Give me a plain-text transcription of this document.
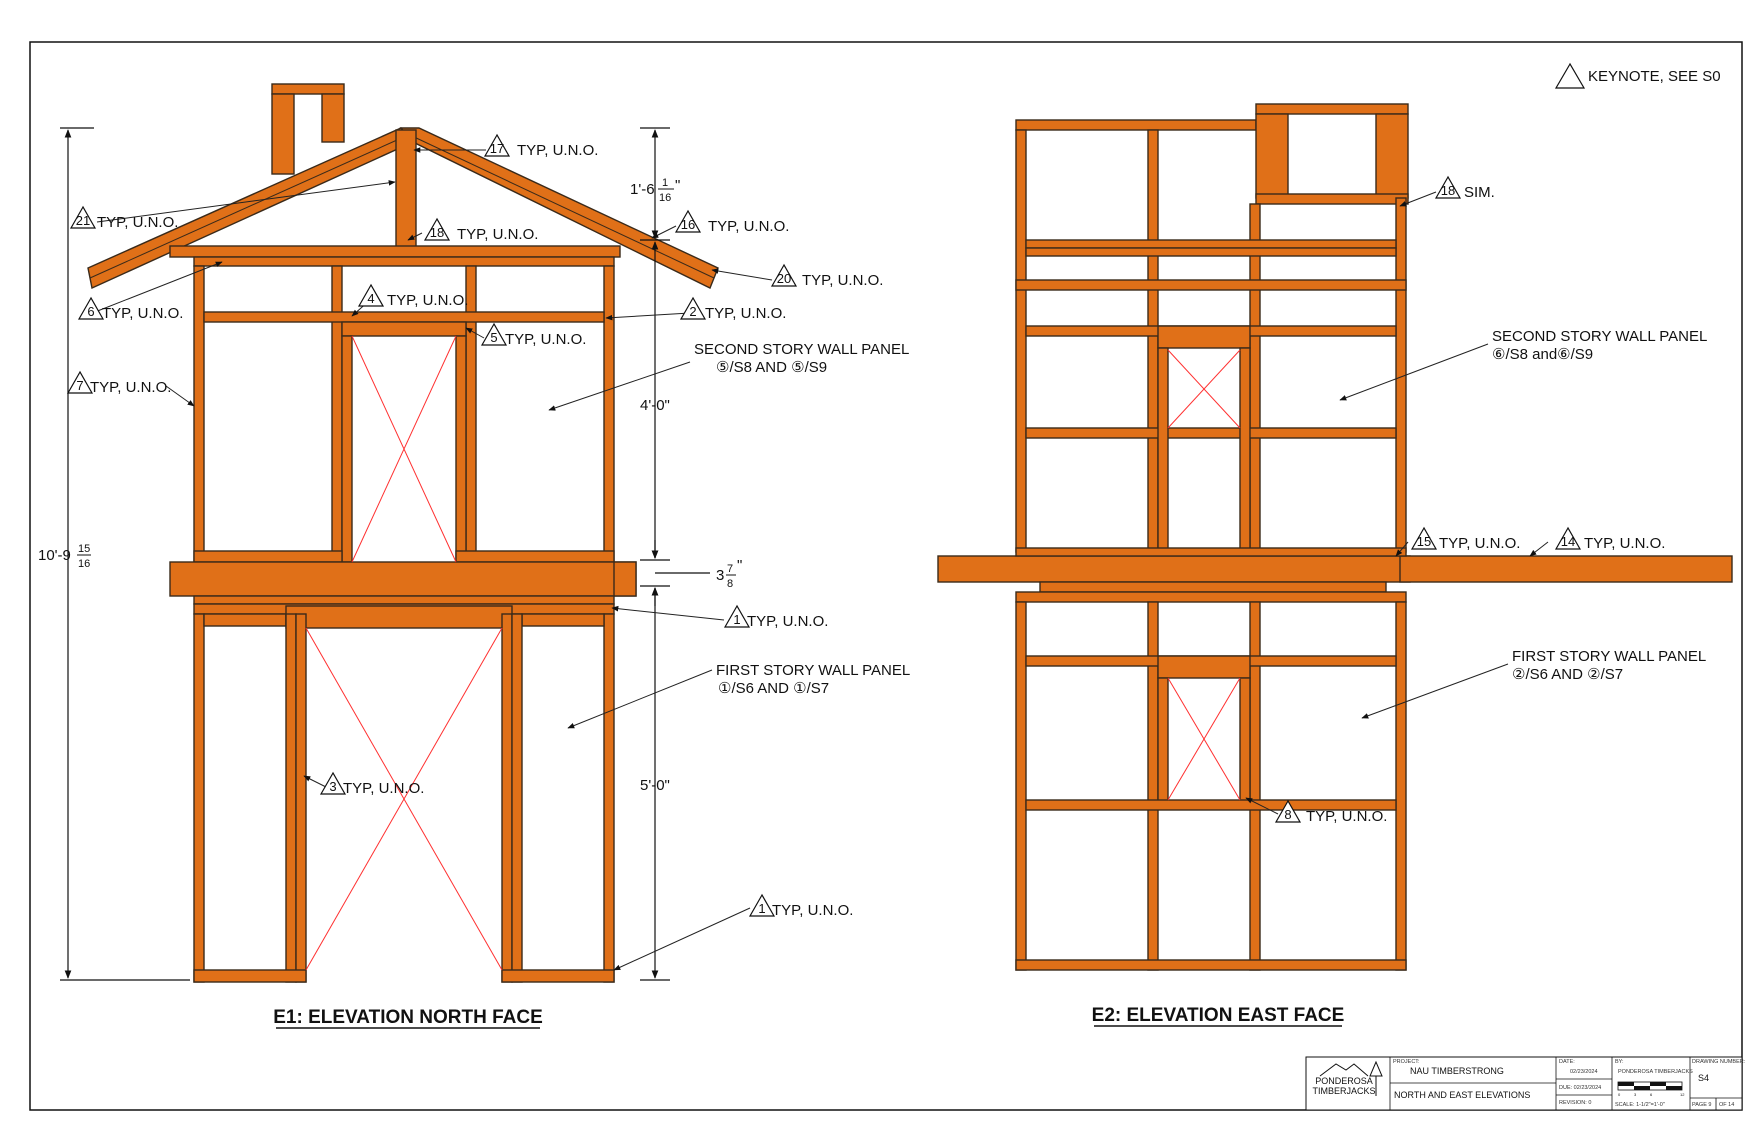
KEYNOTE, SEE S0
10'-9 15
16
1'-6 1
16
"
4'-0"
3 7
8
"
5'-0"
17 TYP, U.N.O.
21 TYP, U.N.O.
18 TYP, U.N.O.
16 TYP, U.N.O.
20 TYP, U.N.O.
6 TYP, U.N.O.
4 TYP, U.N.O.
2 TYP, U.N.O.
5 TYP, U.N.O.
7 TYP, U.N.O.
1 TYP, U.N.O.
3 TYP, U.N.O.
1 TYP, U.N.O.
SECOND STORY WALL PANEL
⑤/S8 AND ⑤/S9
FIRST STORY WALL PANEL
①/S6 AND ①/S7
E1: ELEVATION NORTH FACE
18 SIM.
15 TYP, U.N.O.	14 TYP, U.N.O.
8 TYP, U.N.O.
SECOND STORY WALL PANEL
⑥/S8 and⑥/S9
FIRST STORY WALL PANEL
②/S6 AND ②/S7
E2: ELEVATION EAST FACE
PONDEROSA
TIMBERJACKS
PROJECT:
NAU TIMBERSTRONG
NORTH AND EAST ELEVATIONS
DATE:
02/23/2024
DUE: 02/23/2024
REVISION: 0
BY:
PONDEROSA TIMBERJACKS
0	3	6	12
SCALE: 1-1/2"=1'-0"
DRAWING NUMBER:
S4
PAGE 9 OF 14
